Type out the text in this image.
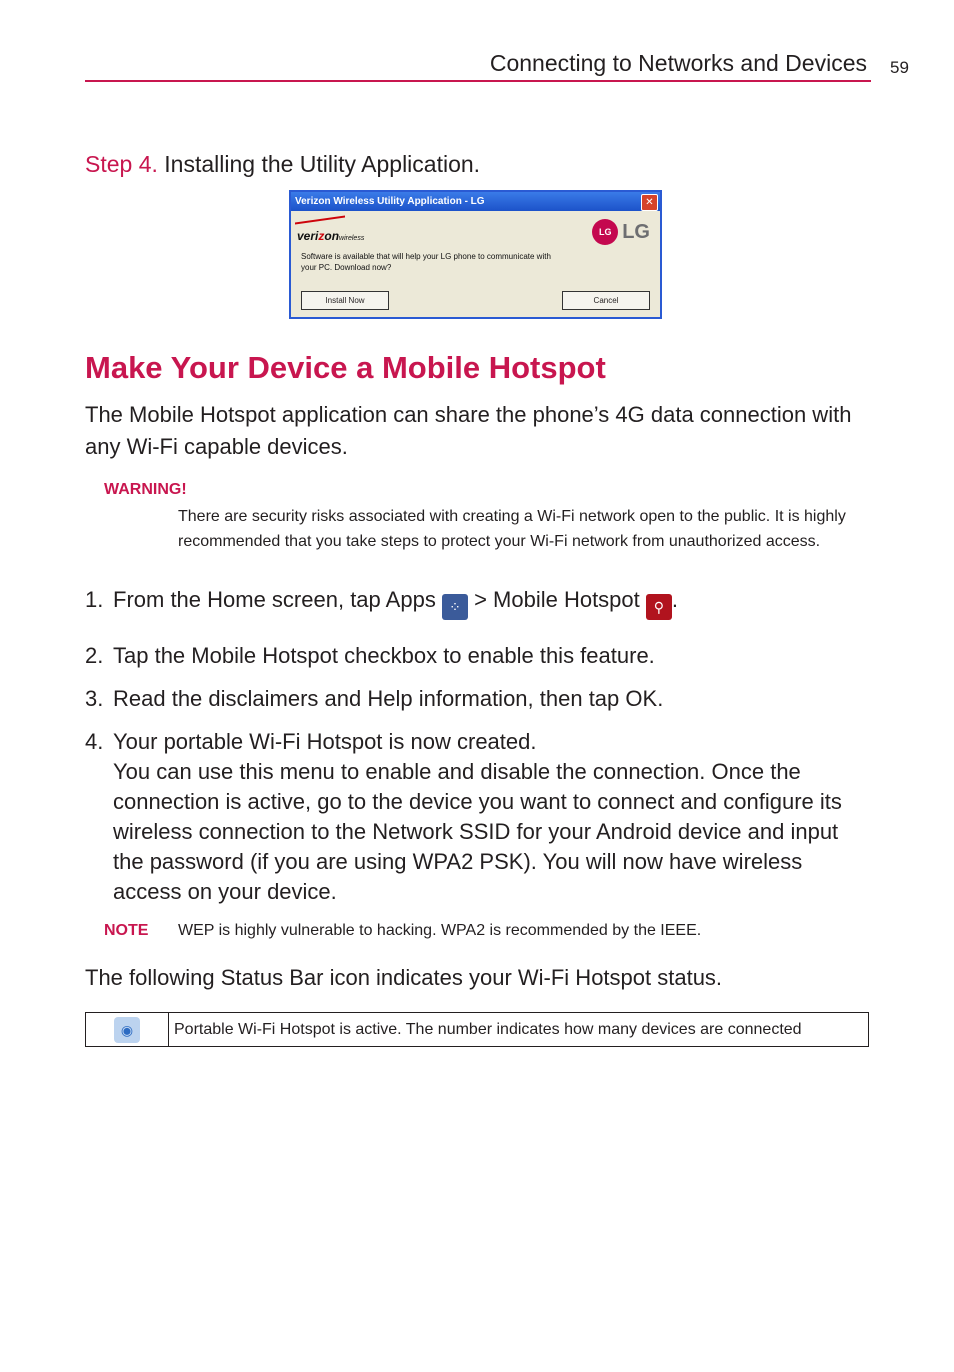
Connecting to Networks and Devices 59
Step 4. Installing the Utility Application.
Verizon Wireless Utility Application - LG	✕
verizonwireless
LG LG
Software is available that will help your LG phone to communicate with your PC. Download now?
Install Now	Cancel
Make Your Device a Mobile Hotspot

The Mobile Hotspot application can share the phone’s 4G data connection with any Wi-Fi capable devices.

WARNING!

There are security risks associated with creating a Wi-Fi network open to the public. It is highly recommended that you take steps to protect your Wi-Fi network from unauthorized access.

1. From the Home screen, tap Apps ⁘ > Mobile Hotspot ⚲ .
2. Tap the Mobile Hotspot checkbox to enable this feature.
3. Read the disclaimers and Help information, then tap OK.
4. Your portable Wi-Fi Hotspot is now created.
You can use this menu to enable and disable the connection. Once the connection is active, go to the device you want to connect and configure its wireless connection to the Network SSID for your Android device and input the password (if you are using WPA2 PSK). You will now have wireless access on your device.
NOTE WEP is highly vulnerable to hacking. WPA2 is recommended by the IEEE.
The following Status Bar icon indicates your Wi-Fi Hotspot status.
◉	Portable Wi-Fi Hotspot is active. The number indicates how many devices are connected
